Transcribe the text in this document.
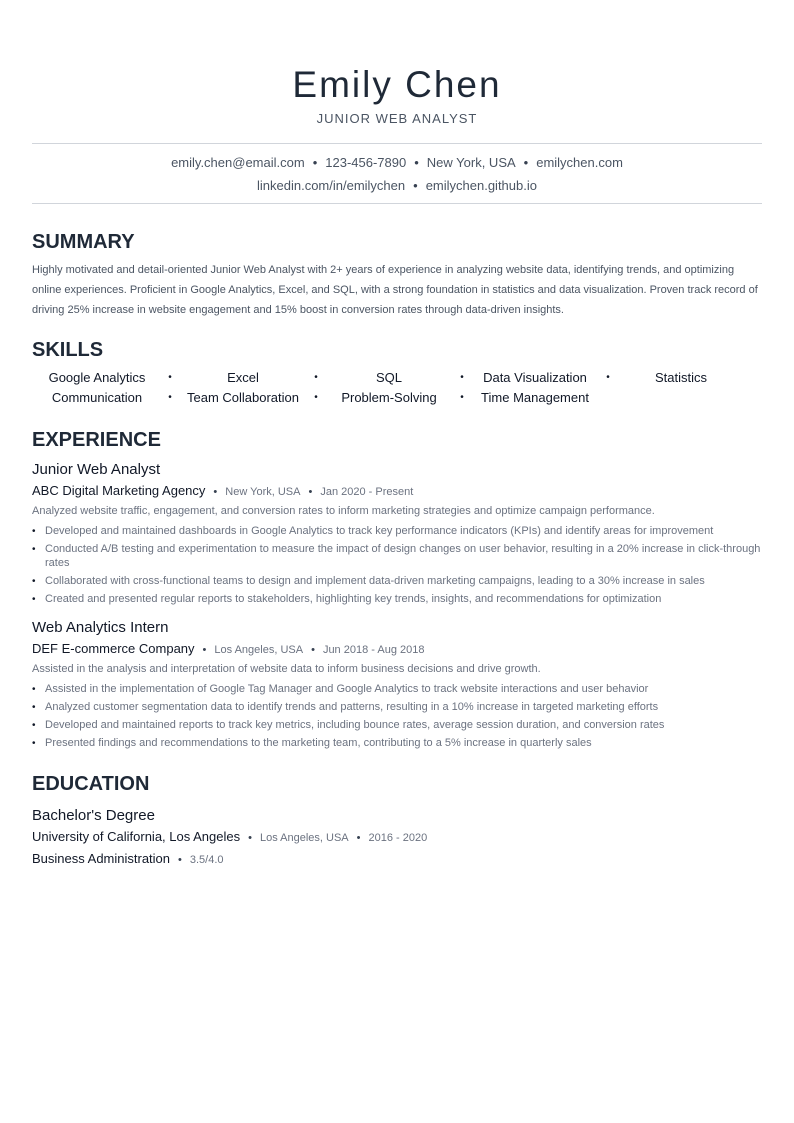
Emily Chen
JUNIOR WEB ANALYST
emily.chen@email.com • 123-456-7890 • New York, USA • emilychen.com
linkedin.com/in/emilychen • emilychen.github.io
SUMMARY

Highly motivated and detail-oriented Junior Web Analyst with 2+ years of experience in analyzing website data, identifying trends, and optimizing online experiences. Proficient in Google Analytics, Excel, and SQL, with a strong foundation in statistics and data visualization. Proven track record of driving 25% increase in website engagement and 15% boost in conversion rates through data-driven insights.

SKILLS
Google Analytics	•	Excel	•	SQL	•	Data Visualization	•	Statistics
Communication	•	Team Collaboration	•	Problem-Solving	•	Time Management
EXPERIENCE
Junior Web Analyst
ABC Digital Marketing Agency • New York, USA • Jan 2020 - Present
Analyzed website traffic, engagement, and conversion rates to inform marketing strategies and optimize campaign performance.
• Developed and maintained dashboards in Google Analytics to track key performance indicators (KPIs) and identify areas for improvement
• Conducted A/B testing and experimentation to measure the impact of design changes on user behavior, resulting in a 20% increase in click-through rates
• Collaborated with cross-functional teams to design and implement data-driven marketing campaigns, leading to a 30% increase in sales
• Created and presented regular reports to stakeholders, highlighting key trends, insights, and recommendations for optimization
Web Analytics Intern
DEF E-commerce Company • Los Angeles, USA • Jun 2018 - Aug 2018
Assisted in the analysis and interpretation of website data to inform business decisions and drive growth.
• Assisted in the implementation of Google Tag Manager and Google Analytics to track website interactions and user behavior
• Analyzed customer segmentation data to identify trends and patterns, resulting in a 10% increase in targeted marketing efforts
• Developed and maintained reports to track key metrics, including bounce rates, average session duration, and conversion rates
• Presented findings and recommendations to the marketing team, contributing to a 5% increase in quarterly sales
EDUCATION
Bachelor's Degree
University of California, Los Angeles • Los Angeles, USA • 2016 - 2020
Business Administration • 3.5/4.0
